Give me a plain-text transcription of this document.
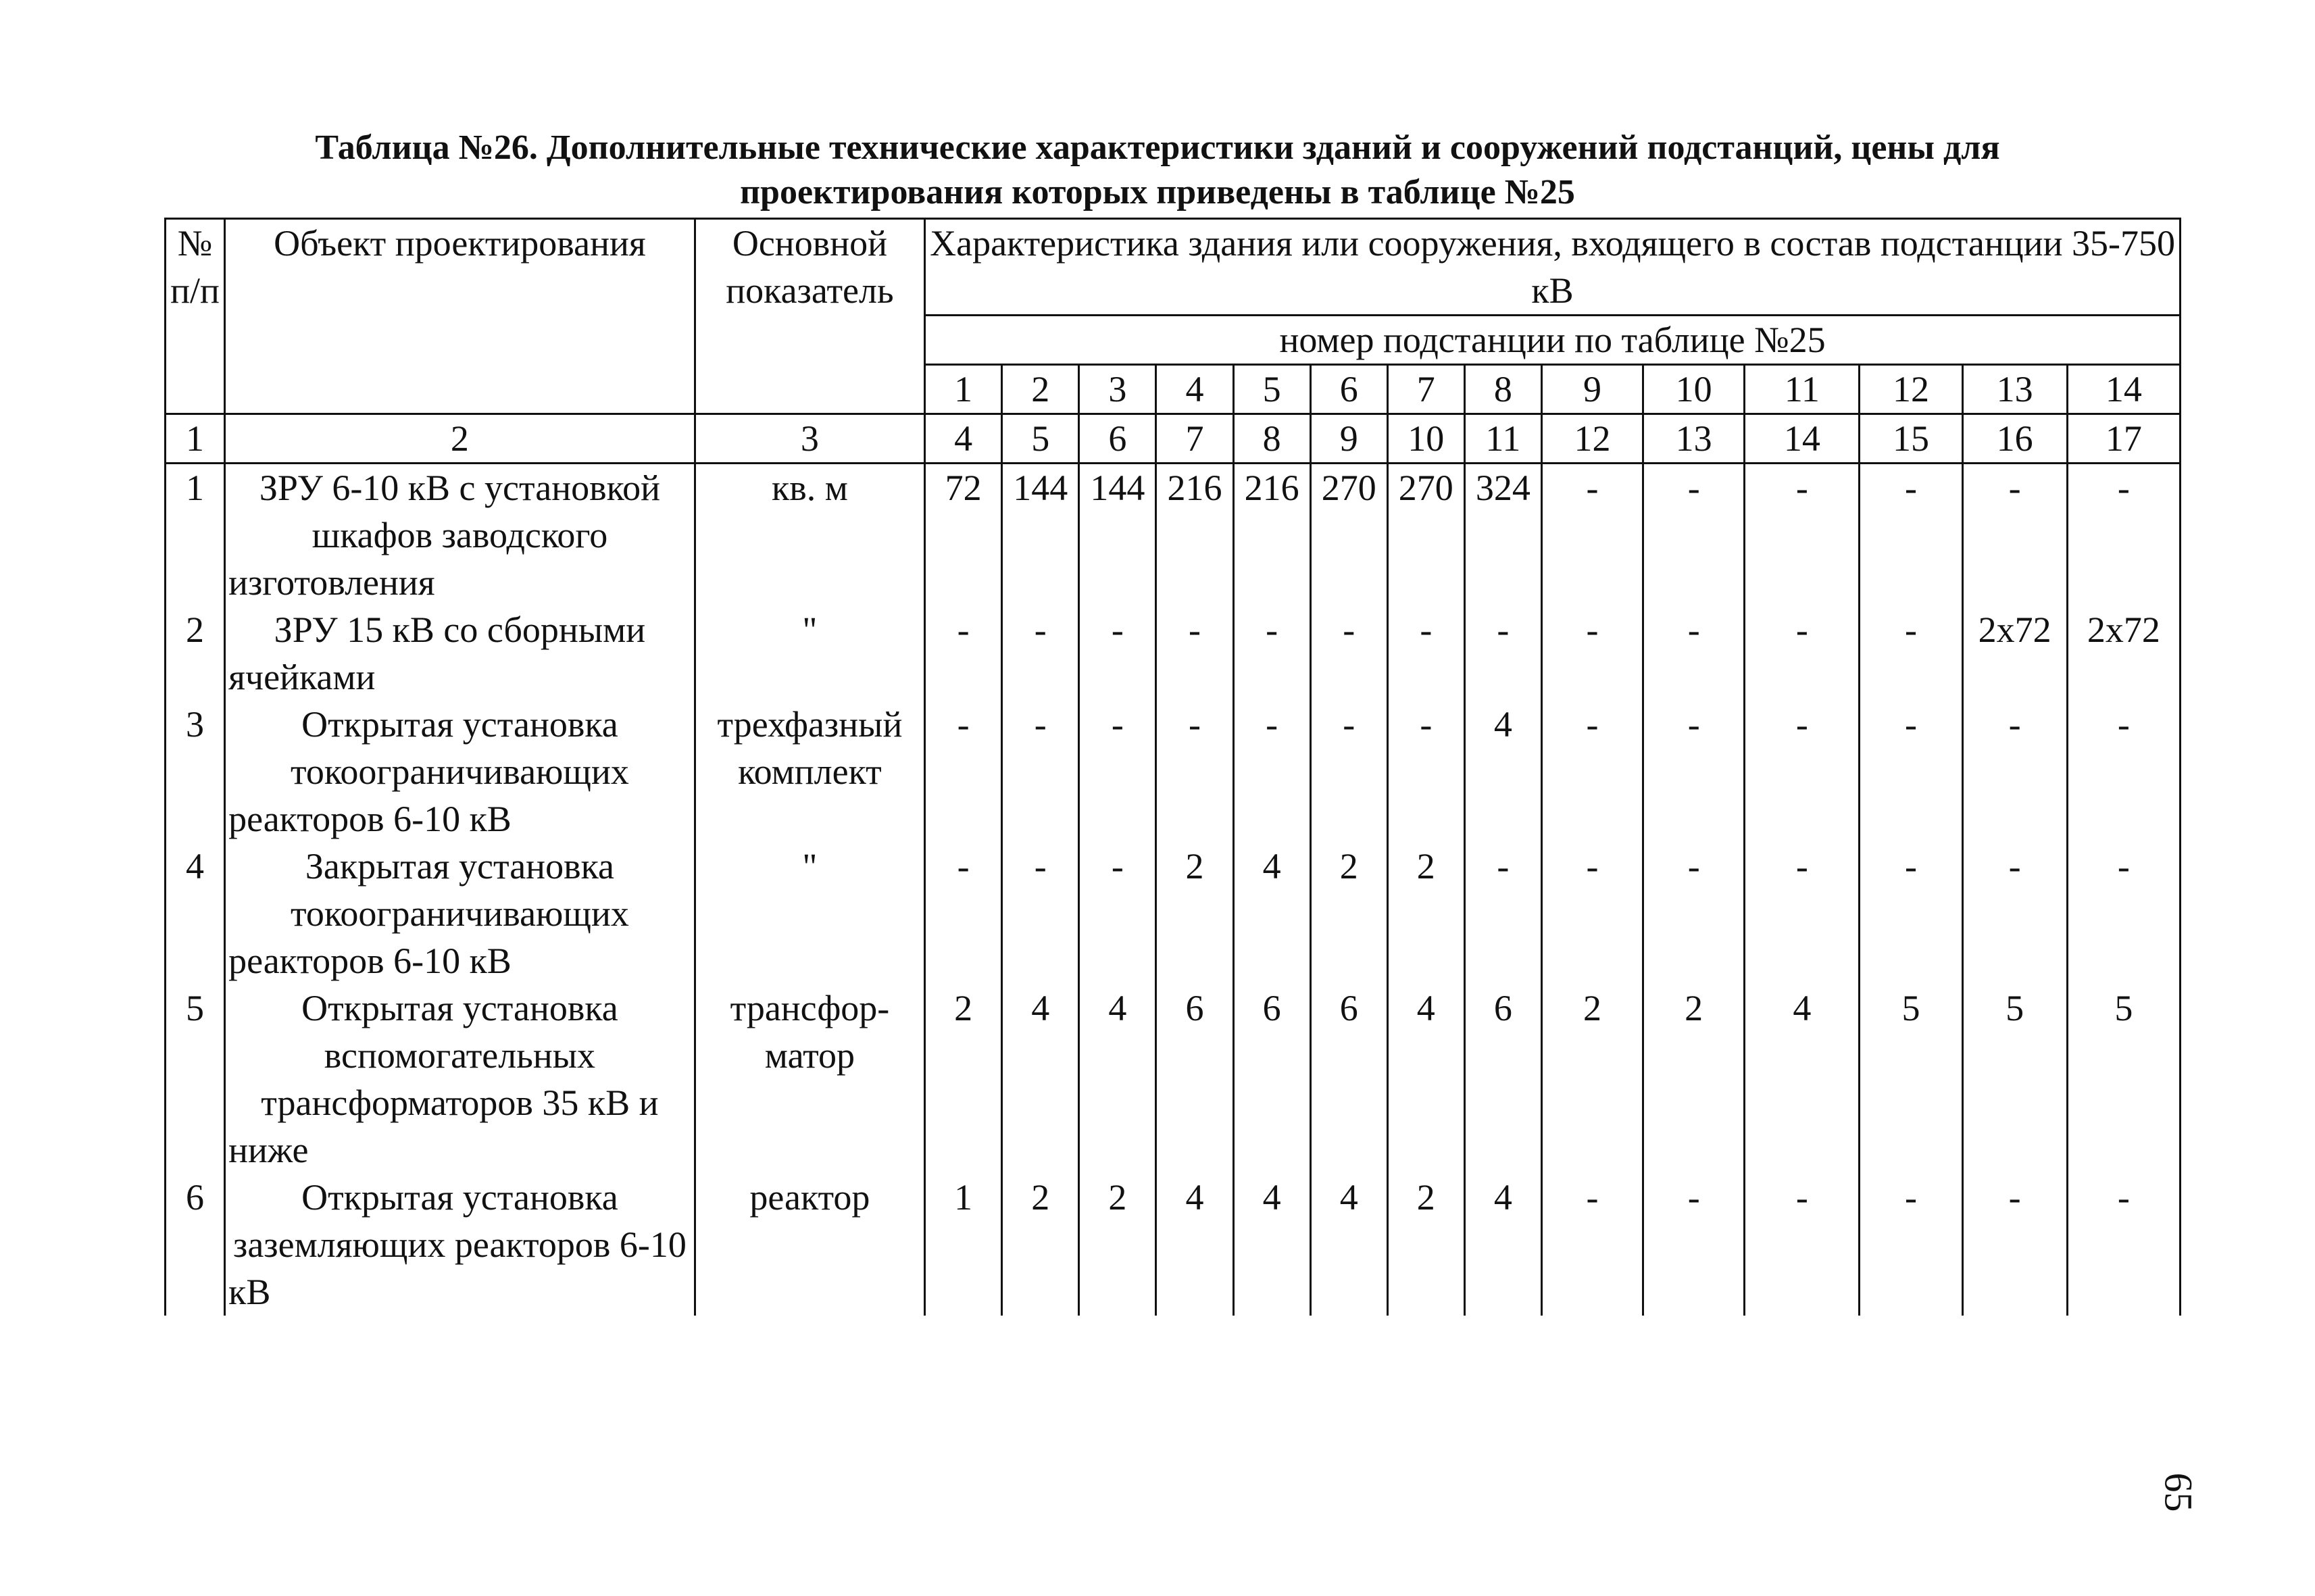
Таблица №26. Дополнительные технические характеристики зданий и сооружений подстанций, цены для
проектирования которых приведены в таблице №25
№ п/п	Объект проектирования	Основной показатель	Характеристика здания или сооружения, входящего в состав подстанции 35-750 кВ													
			номер подстанции по таблице №25													
			1	2	3	4	5	6	7	8	9	10	11	12	13	14
1	2	3	4	5	6	7	8	9	10	11	12	13	14	15	16	17
1	ЗРУ 6-10 кВ с установкой шкафов заводского изготовления	кв. м	72	144	144	216	216	270	270	324	-	-	-	-	-	-
2	ЗРУ 15 кВ со сборными ячейками	"	-	-	-	-	-	-	-	-	-	-	-	-	2х72	2х72
3	Открытая установка токоограничивающих реакторов 6-10 кВ	трехфазный комплект	-	-	-	-	-	-	-	4	-	-	-	-	-	-
4	Закрытая установка токоограничивающих реакторов 6-10 кВ	"	-	-	-	2	4	2	2	-	-	-	-	-	-	-
5	Открытая установка вспомогательных трансформаторов 35 кВ и ниже	трансфор-матор	2	4	4	6	6	6	4	6	2	2	4	5	5	5
6	Открытая установка заземляющих реакторов 6-10 кВ	реактор	1	2	2	4	4	4	2	4	-	-	-	-	-	-
65
